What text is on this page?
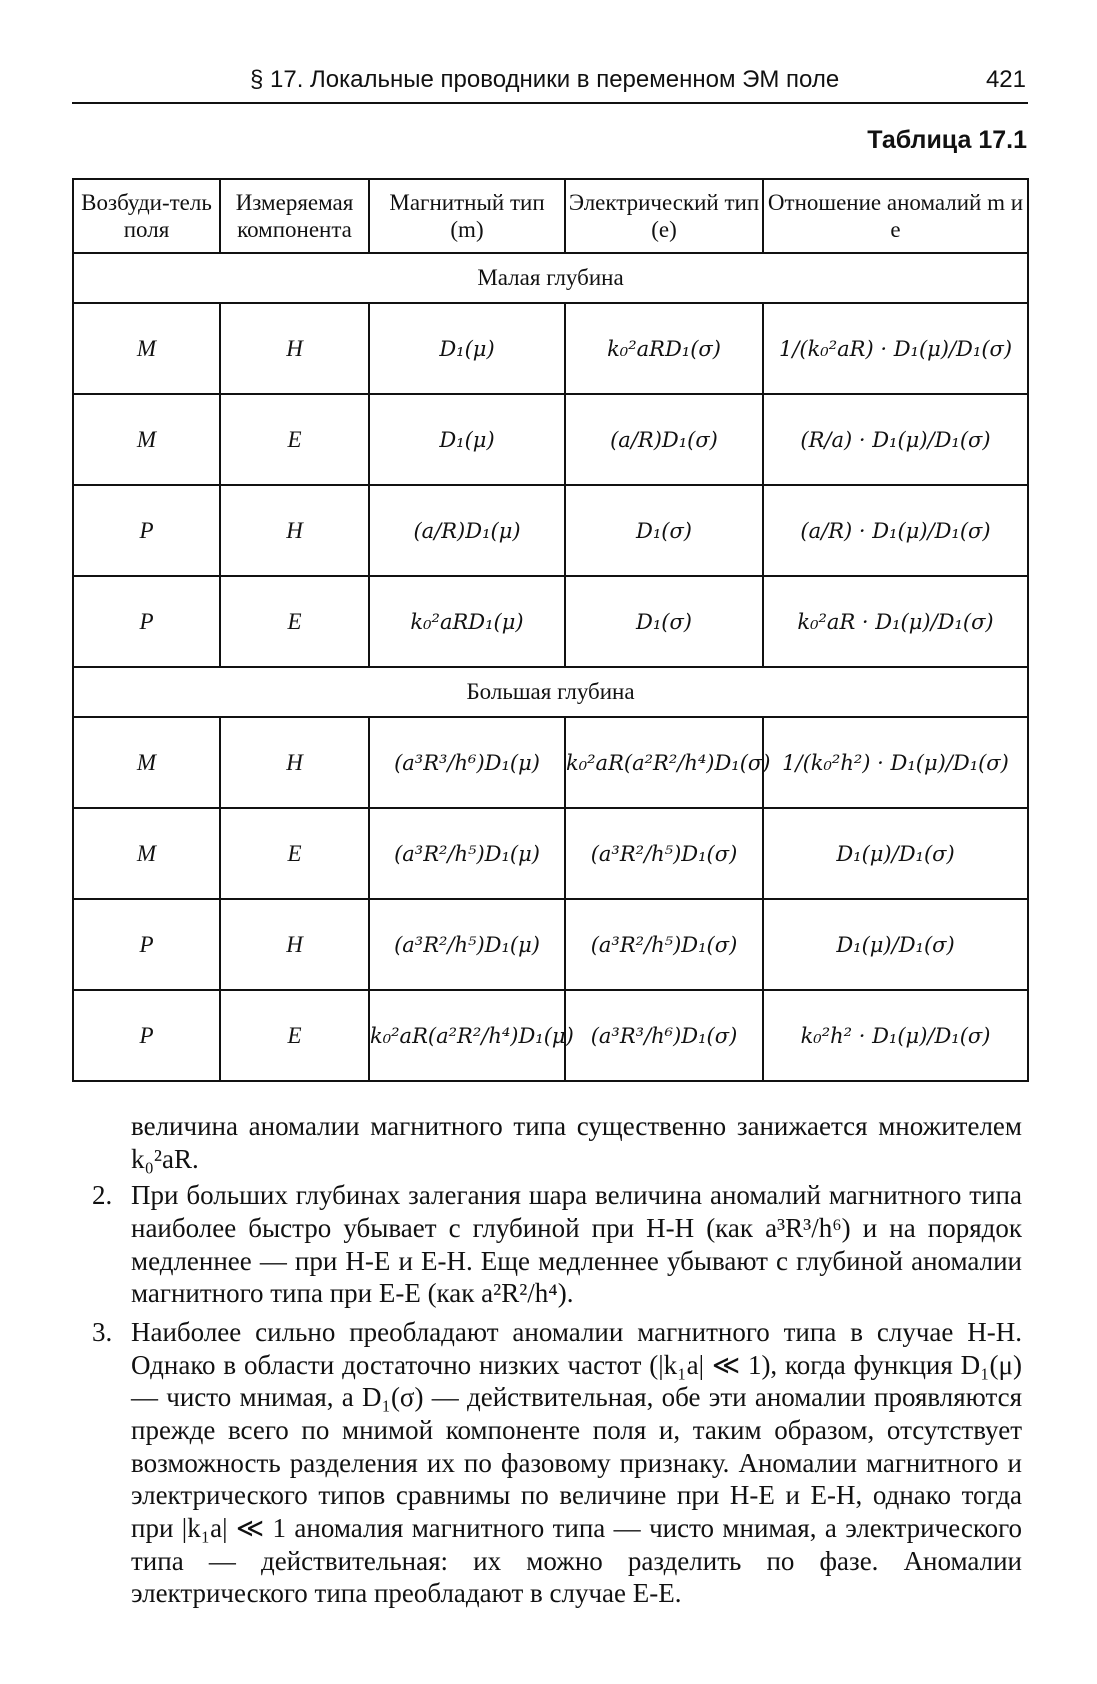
§ 17. Локальные проводники в переменном ЭМ поле	421
Таблица 17.1
Возбуди-тель поля	Измеряемая компонента	Магнитный тип (m)	Электрический тип (e)	Отношение аномалий m и e
Малая глубина				
M	H	D₁(μ)	k₀²aRD₁(σ)	1/(k₀²aR) · D₁(μ)/D₁(σ)
M	E	D₁(μ)	(a/R)D₁(σ)	(R/a) · D₁(μ)/D₁(σ)
P	H	(a/R)D₁(μ)	D₁(σ)	(a/R) · D₁(μ)/D₁(σ)
P	E	k₀²aRD₁(μ)	D₁(σ)	k₀²aR · D₁(μ)/D₁(σ)
Большая глубина				
M	H	(a³R³/h⁶)D₁(μ)	k₀²aR(a²R²/h⁴)D₁(σ)	1/(k₀²h²) · D₁(μ)/D₁(σ)
M	E	(a³R²/h⁵)D₁(μ)	(a³R²/h⁵)D₁(σ)	D₁(μ)/D₁(σ)
P	H	(a³R²/h⁵)D₁(μ)	(a³R²/h⁵)D₁(σ)	D₁(μ)/D₁(σ)
P	E	k₀²aR(a²R²/h⁴)D₁(μ)	(a³R³/h⁶)D₁(σ)	k₀²h² · D₁(μ)/D₁(σ)

величина аномалии магнитного типа существенно занижается множителем k₀²aR.

2. При больших глубинах залегания шара величина аномалий магнитного типа наиболее быстро убывает с глубиной при H-H (как a³R³/h⁶) и на порядок медленнее — при H-E и E-H. Еще медленнее убывают с глубиной аномалии магнитного типа при E-E (как a²R²/h⁴).
3. Наиболее сильно преобладают аномалии магнитного типа в случае H-H. Однако в области достаточно низких частот (|k₁a| ≪ 1), когда функция D₁(μ) — чисто мнимая, а D₁(σ) — действительная, обе эти аномалии проявляются прежде всего по мнимой компоненте поля и, таким образом, отсутствует возможность разделения их по фазовому признаку. Аномалии магнитного и электрического типов сравнимы по величине при H-E и E-H, однако тогда при |k₁a| ≪ 1 аномалия магнитного типа — чисто мнимая, а электрического типа — действительная: их можно разделить по фазе. Аномалии электрического типа преобладают в случае E-E.
